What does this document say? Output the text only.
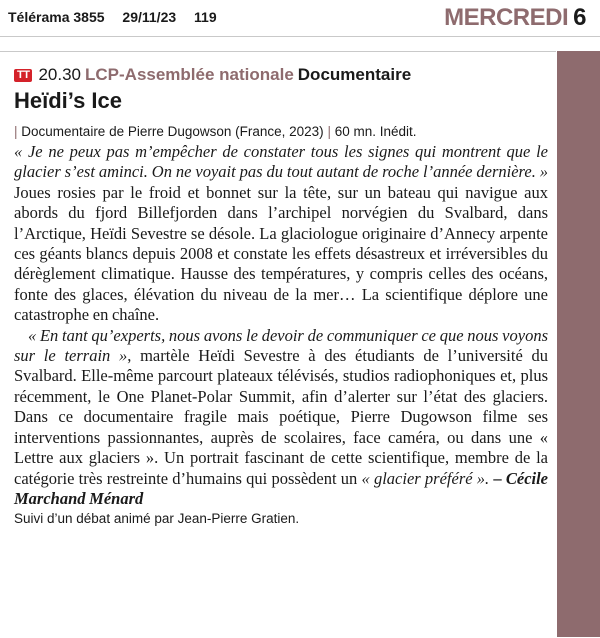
Télérama 3855 29/11/23 119	MERCREDI 6
TT 20.30 LCP-Assemblée nationale Documentaire
Heïdi’s Ice
| Documentaire de Pierre Dugowson (France, 2023) | 60 mn. Inédit.

« Je ne peux pas m’empêcher de constater tous les signes qui montrent que le glacier s’est aminci. On ne voyait pas du tout autant de roche l’année dernière. » Joues rosies par le froid et bonnet sur la tête, sur un bateau qui navigue aux abords du fjord Billefjorden dans l’archipel norvégien du Svalbard, dans l’Arctique, Heïdi Sevestre se désole. La glaciologue originaire d’Annecy arpente ces géants blancs depuis 2008 et constate les effets désastreux et irréversibles du dérèglement climatique. Hausse des températures, y compris celles des océans, fonte des glaces, élévation du niveau de la mer… La scientifique déplore une catastrophe en chaîne.

« En tant qu’experts, nous avons le devoir de communiquer ce que nous voyons sur le terrain », martèle Heïdi Sevestre à des étudiants de l’université du Svalbard. Elle-même parcourt plateaux télévisés, studios radiophoniques et, plus récemment, le One Planet-Polar Summit, afin d’alerter sur l’état des glaciers. Dans ce documentaire fragile mais poétique, Pierre Dugowson filme ses interventions passionnantes, auprès de scolaires, face caméra, ou dans une « Lettre aux glaciers ». Un portrait fascinant de cette scientifique, membre de la catégorie très restreinte d’humains qui possèdent un « glacier préféré ». – Cécile Marchand Ménard

Suivi d’un débat animé par Jean-Pierre Gratien.
